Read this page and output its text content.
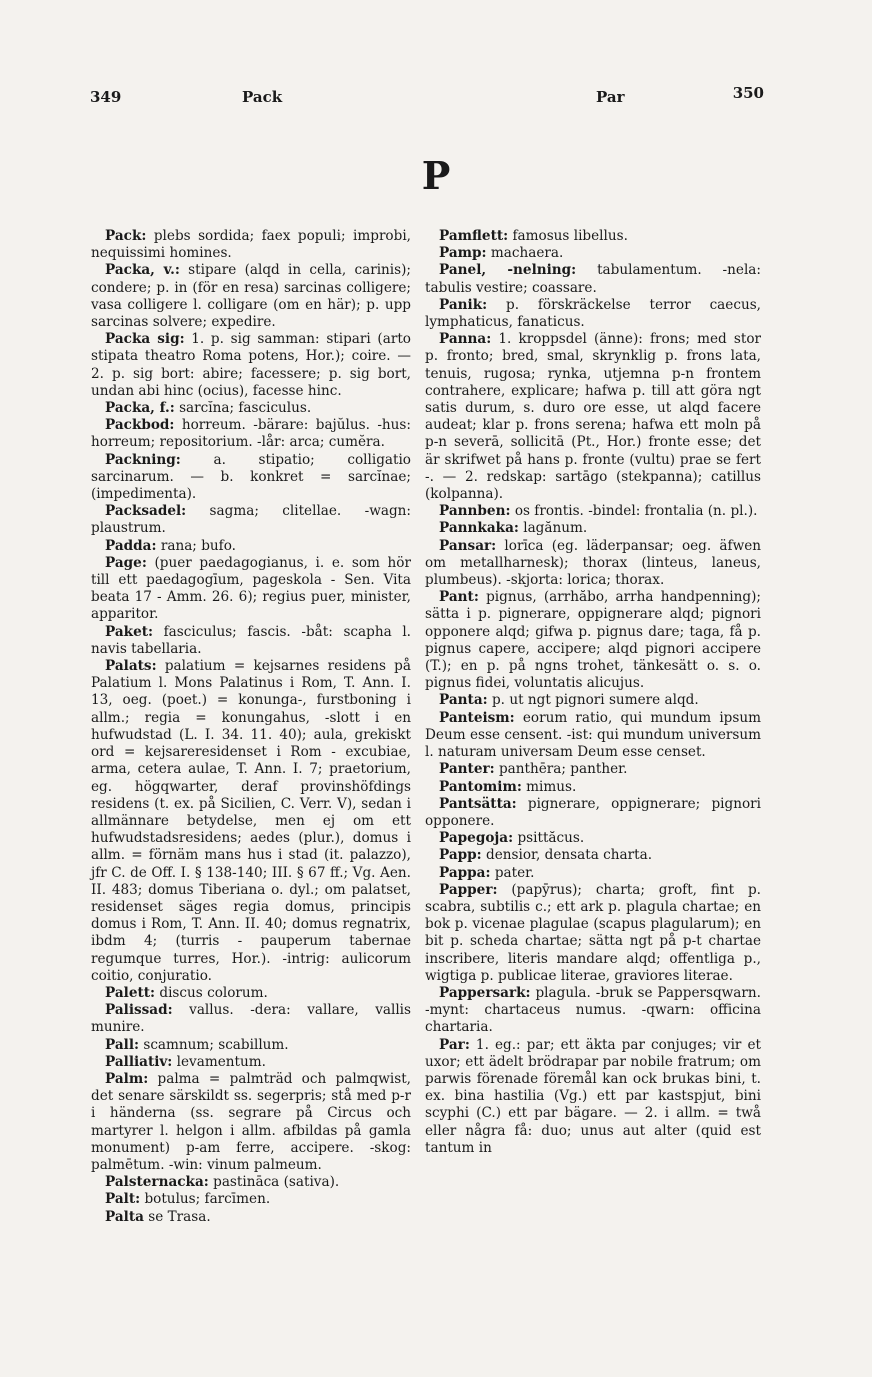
349	Pack	Par	350
P

Pack: plebs sordida; faex populi; improbi, nequissimi homines.

Packa, v.: stipare (alqd in cella, carinis); condere; p. in (för en resa) sarcinas colligere; vasa colligere l. colligare (om en här); p. upp sarcinas solvere; expedire.

Packa sig: 1. p. sig samman: stipari (arto stipata theatro Roma potens, Hor.); coire. — 2. p. sig bort: abire; facessere; p. sig bort, undan abi hinc (ocius), facesse hinc.

Packa, f.: sarcĭna; fasciculus.

Packbod: horreum. -bärare: bajŭlus. -hus: horreum; repositorium. -lår: arca; cumĕra.

Packning: a. stipatio; colligatio sarcinarum. — b. konkret = sarcĭnae; (impedimenta).

Packsadel: sagma; clitellae. -wagn: plaustrum.

Padda: rana; bufo.

Page: (puer paedagogianus, i. e. som hör till ett paedagogīum, pageskola - Sen. Vita beata 17 - Amm. 26. 6); regius puer, minister, apparitor.

Paket: fasciculus; fascis. -båt: scapha l. navis tabellaria.

Palats: palatium = kejsarnes residens på Palatium l. Mons Palatinus i Rom, T. Ann. I. 13, oeg. (poet.) = konunga-, furstboning i allm.; regia = konungahus, -slott i en hufwudstad (L. I. 34. 11. 40); aula, grekiskt ord = kejsareresidenset i Rom - excubiae, arma, cetera aulae, T. Ann. I. 7; praetorium, eg. högqwarter, deraf provinshöfdings residens (t. ex. på Sicilien, C. Verr. V), sedan i allmännare betydelse, men ej om ett hufwudstadsresidens; aedes (plur.), domus i allm. = förnäm mans hus i stad (it. palazzo), jfr C. de Off. I. § 138-140; III. § 67 ff.; Vg. Aen. II. 483; domus Tiberiana o. dyl.; om palatset, residenset säges regia domus, principis domus i Rom, T. Ann. II. 40; domus regnatrix, ibdm 4; (turris - pauperum tabernae regumque turres, Hor.). -intrig: aulicorum coitio, conjuratio.

Palett: discus colorum.

Palissad: vallus. -dera: vallare, vallis munire.

Pall: scamnum; scabillum.

Palliativ: levamentum.

Palm: palma = palmträd och palmqwist, det senare särskildt ss. segerpris; stå med p-r i händerna (ss. segrare på Circus och martyrer l. helgon i allm. afbildas på gamla monument) p-am ferre, accipere. -skog: palmētum. -win: vinum palmeum.

Palsternacka: pastināca (sativa).

Palt: botulus; farcīmen.

Palta se Trasa.

Pamflett: famosus libellus.

Pamp: machaera.

Panel, -nelning: tabulamentum. -nela: tabulis vestire; coassare.

Panik: p. förskräckelse terror caecus, lymphaticus, fanaticus.

Panna: 1. kroppsdel (änne): frons; med stor p. fronto; bred, smal, skrynklig p. frons lata, tenuis, rugosa; rynka, utjemna p-n frontem contrahere, explicare; hafwa p. till att göra ngt satis durum, s. duro ore esse, ut alqd facere audeat; klar p. frons serena; hafwa ett moln på p-n severā, sollicitā (Pt., Hor.) fronte esse; det är skrifwet på hans p. fronte (vultu) prae se fert -. — 2. redskap: sartāgo (stekpanna); catillus (kolpanna).

Pannben: os frontis. -bindel: frontalia (n. pl.).

Pannkaka: lagănum.

Pansar: lorīca (eg. läderpansar; oeg. äfwen om metallharnesk); thorax (linteus, laneus, plumbeus). -skjorta: lorica; thorax.

Pant: pignus, (arrhăbo, arrha handpenning); sätta i p. pignerare, oppignerare alqd; pignori opponere alqd; gifwa p. pignus dare; taga, få p. pignus capere, accipere; alqd pignori accipere (T.); en p. på ngns trohet, tänkesätt o. s. o. pignus fidei, voluntatis alicujus.

Panta: p. ut ngt pignori sumere alqd.

Panteism: eorum ratio, qui mundum ipsum Deum esse censent. -ist: qui mundum universum l. naturam universam Deum esse censet.

Panter: panthēra; panther.

Pantomim: mimus.

Pantsätta: pignerare, oppignerare; pignori opponere.

Papegoja: psittăcus.

Papp: densior, densata charta.

Pappa: pater.

Papper: (papȳrus); charta; groft, fint p. scabra, subtilis c.; ett ark p. plagula chartae; en bok p. vicenae plagulae (scapus plagularum); en bit p. scheda chartae; sätta ngt på p-t chartae inscribere, literis mandare alqd; offentliga p., wigtiga p. publicae literae, graviores literae.

Pappersark: plagula. -bruk se Pappersqwarn. -mynt: chartaceus numus. -qwarn: officina chartaria.

Par: 1. eg.: par; ett äkta par conjuges; vir et uxor; ett ädelt brödrapar par nobile fratrum; om parwis förenade föremål kan ock brukas bini, t. ex. bina hastilia (Vg.) ett par kastspjut, bini scyphi (C.) ett par bägare. — 2. i allm. = twå eller några få: duo; unus aut alter (quid est tantum in
